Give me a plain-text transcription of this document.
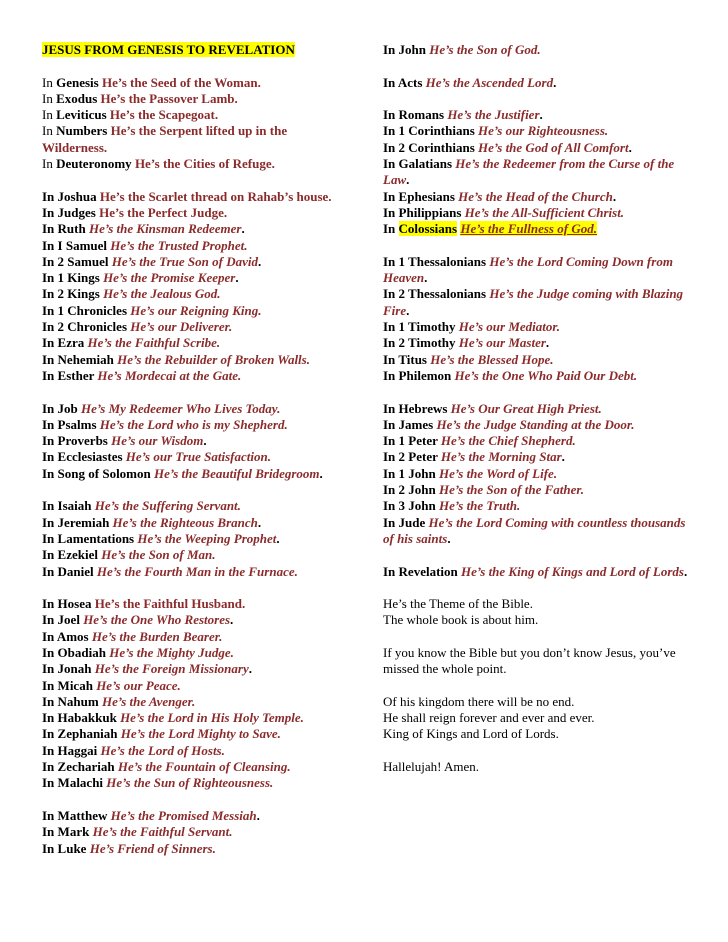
JESUS FROM GENESIS TO REVELATION

In Genesis He’s the Seed of the Woman.

In Exodus He’s the Passover Lamb.

In Leviticus He’s the Scapegoat.

In Numbers He’s the Serpent lifted up in the Wilderness.

In Deuteronomy He’s the Cities of Refuge.

In Joshua He’s the Scarlet thread on Rahab’s house.

In Judges He’s the Perfect Judge.

In Ruth He’s the Kinsman Redeemer.

In I Samuel He’s the Trusted Prophet.

In 2 Samuel He’s the True Son of David.

In 1 Kings He’s the Promise Keeper.

In 2 Kings He’s the Jealous God.

In 1 Chronicles He’s our Reigning King.

In 2 Chronicles He’s our Deliverer.

In Ezra He’s the Faithful Scribe.

In Nehemiah He’s the Rebuilder of Broken Walls.

In Esther He’s Mordecai at the Gate.

In Job He’s My Redeemer Who Lives Today.

In Psalms He’s the Lord who is my Shepherd.

In Proverbs He’s our Wisdom.

In Ecclesiastes He’s our True Satisfaction.

In Song of Solomon He’s the Beautiful Bridegroom.

In Isaiah He’s the Suffering Servant.

In Jeremiah He’s the Righteous Branch.

In Lamentations He’s the Weeping Prophet.

In Ezekiel He’s the Son of Man.

In Daniel He’s the Fourth Man in the Furnace.

In Hosea He’s the Faithful Husband.

In Joel He’s the One Who Restores.

In Amos He’s the Burden Bearer.

In Obadiah He’s the Mighty Judge.

In Jonah He’s the Foreign Missionary.

In Micah He’s our Peace.

In Nahum He’s the Avenger.

In Habakkuk He’s the Lord in His Holy Temple.

In Zephaniah He’s the Lord Mighty to Save.

In Haggai He’s the Lord of Hosts.

In Zechariah He’s the Fountain of Cleansing.

In Malachi He’s the Sun of Righteousness.

In Matthew He’s the Promised Messiah.

In Mark He’s the Faithful Servant.

In Luke He’s Friend of Sinners.

In John He’s the Son of God.

In Acts He’s the Ascended Lord.

In Romans He’s the Justifier.

In 1 Corinthians He’s our Righteousness.

In 2 Corinthians He’s the God of All Comfort.

In Galatians He’s the Redeemer from the Curse of the Law.

In Ephesians He’s the Head of the Church.

In Philippians He’s the All-Sufficient Christ.

In Colossians He’s the Fullness of God.

In 1 Thessalonians He’s the Lord Coming Down from Heaven.

In 2 Thessalonians He’s the Judge coming with Blazing Fire.

In 1 Timothy He’s our Mediator.

In 2 Timothy He’s our Master.

In Titus He’s the Blessed Hope.

In Philemon He’s the One Who Paid Our Debt.

In Hebrews He’s Our Great High Priest.

In James He’s the Judge Standing at the Door.

In 1 Peter He’s the Chief Shepherd.

In 2 Peter He’s the Morning Star.

In 1 John He’s the Word of Life.

In 2 John He’s the Son of the Father.

In 3 John He’s the Truth.

In Jude He’s the Lord Coming with countless thousands of his saints.

In Revelation He’s the King of Kings and Lord of Lords.

He’s the Theme of the Bible.

The whole book is about him.

If you know the Bible but you don’t know Jesus, you’ve missed the whole point.

Of his kingdom there will be no end.

He shall reign forever and ever and ever.

King of Kings and Lord of Lords.

Hallelujah! Amen.
